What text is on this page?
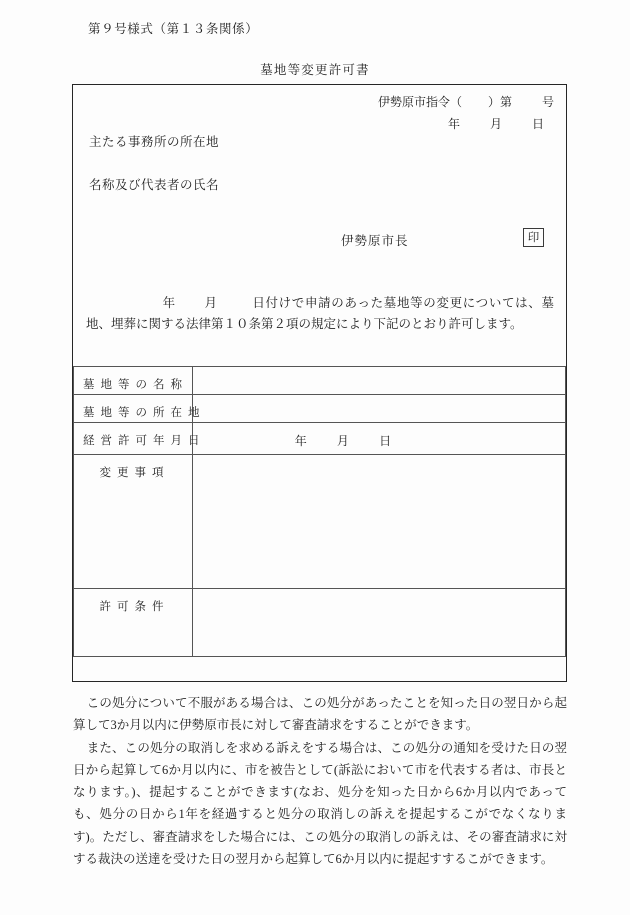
第９号様式（第１３条関係）
墓地等変更許可書
伊勢原市指令（ ）第	号
年	月	日
主たる事務所の所在地
名称及び代表者の氏名
伊勢原市長	印
年 月	日付けで申請のあった墓地等の変更については、墓地、埋葬に関する法律第１０条第２項の規定により下記のとおり許可します。
墓地等の名称	

墓地等の所在地	

経営許可年月日	年 月 日

変更事項	

許可条件	

この処分について不服がある場合は、この処分があったことを知った日の翌日から起算して3か月以内に伊勢原市長に対して審査請求をすることができます。

また、この処分の取消しを求める訴えをする場合は、この処分の通知を受けた日の翌日から起算して6か月以内に、市を被告として(訴訟において市を代表する者は、市長となります。)、提起することができます(なお、処分を知った日から6か月以内であっても、処分の日から1年を経過すると処分の取消しの訴えを提起するこがでなくなります)。ただし、審査請求をした場合には、この処分の取消しの訴えは、その審査請求に対する裁決の送達を受けた日の翌月から起算して6か月以内に提起すするこができます。
